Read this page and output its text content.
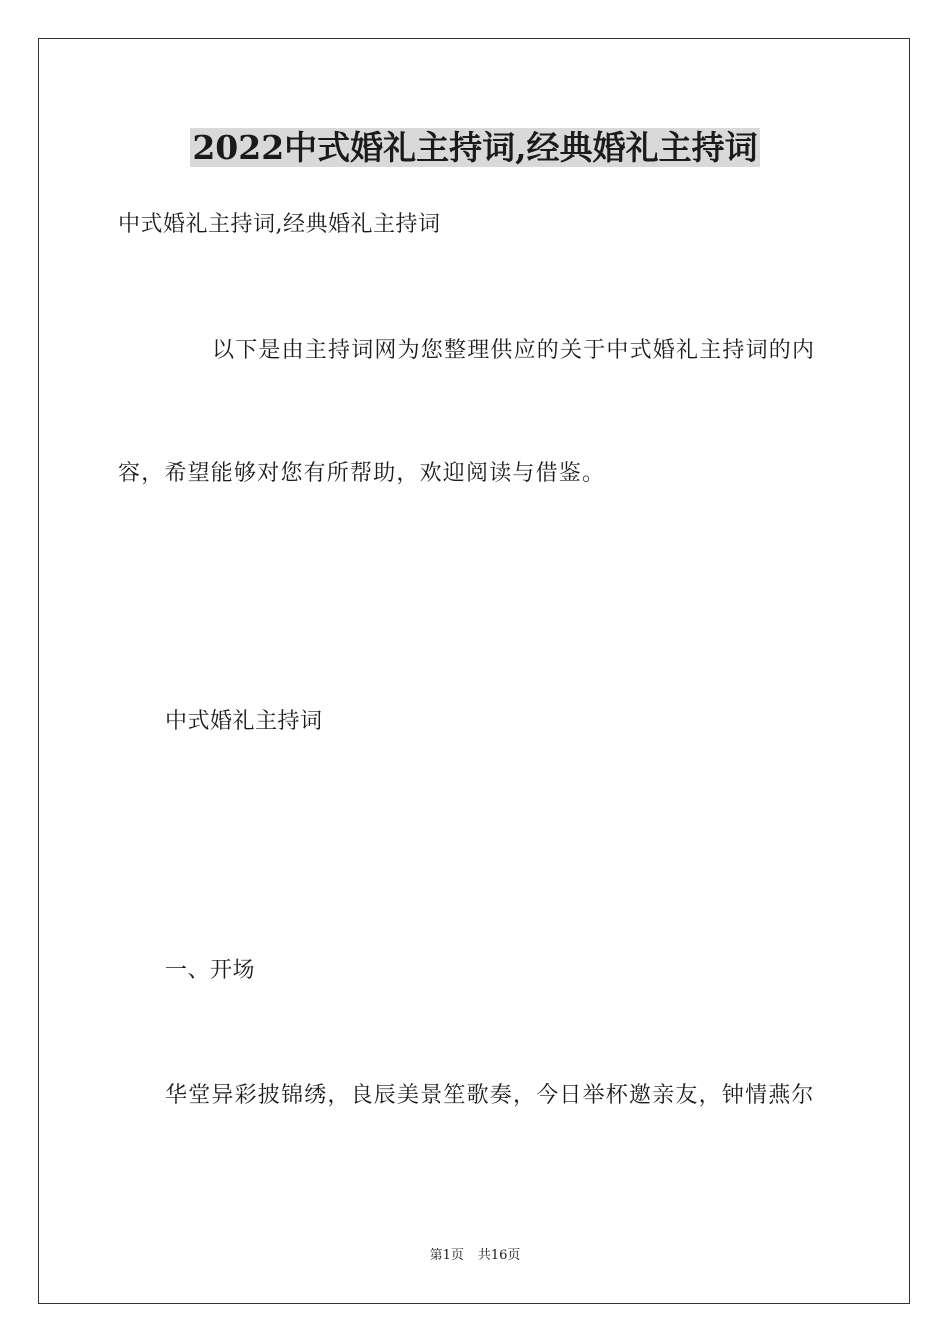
2022中式婚礼主持词,经典婚礼主持词
中式婚礼主持词,经典婚礼主持词
以下是由主持词网为您整理供应的关于中式婚礼主持词的内
容，希望能够对您有所帮助，欢迎阅读与借鉴。
中式婚礼主持词
一、开场
华堂异彩披锦绣，良辰美景笙歌奏，今日举杯邀亲友，钟情燕尔
第1页 共16页
